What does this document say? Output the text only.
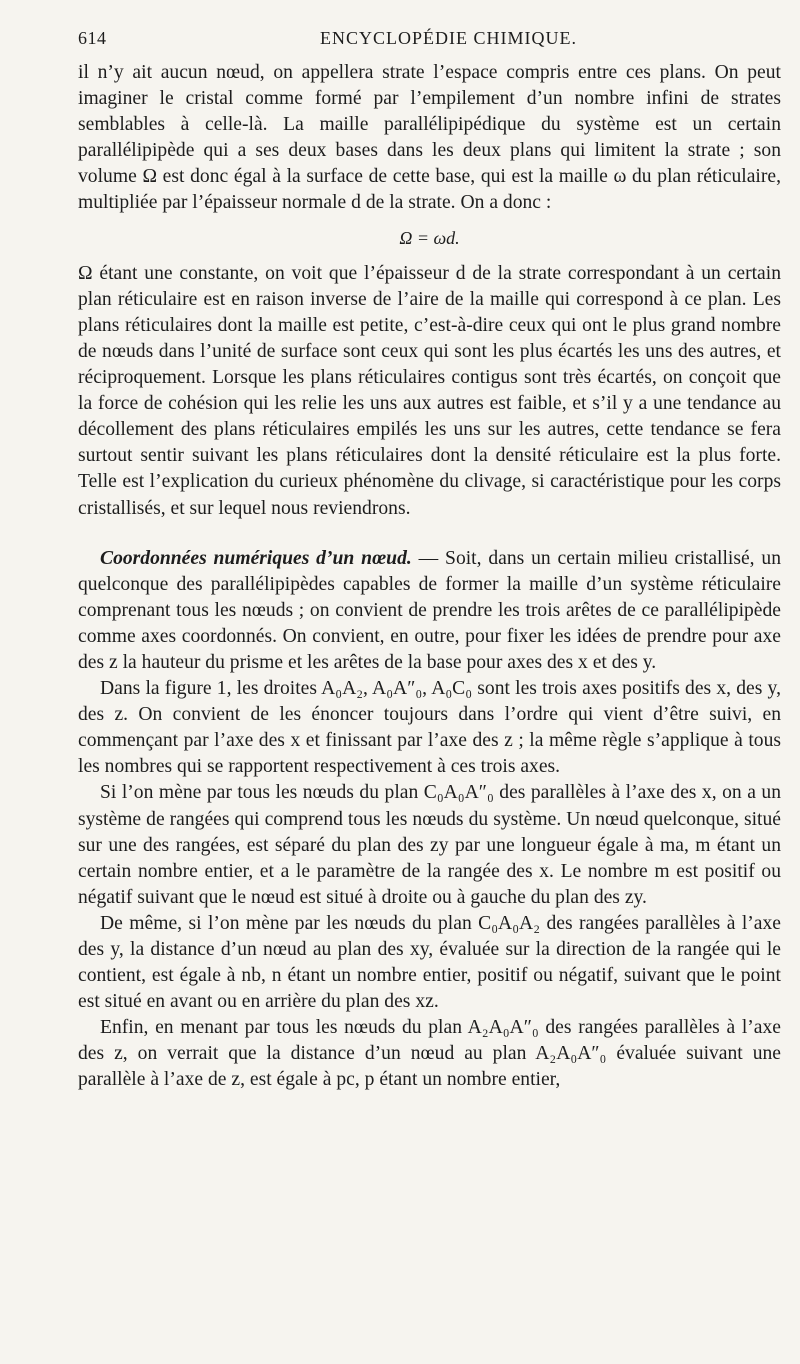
614	ENCYCLOPÉDIE CHIMIQUE.

il n’y ait aucun nœud, on appellera strate l’espace compris entre ces plans. On peut imaginer le cristal comme formé par l’empilement d’un nombre infini de strates semblables à celle-là. La maille parallélipipédique du système est un certain parallélipipède qui a ses deux bases dans les deux plans qui limitent la strate ; son volume Ω est donc égal à la surface de cette base, qui est la maille ω du plan réticulaire, multipliée par l’épaisseur normale d de la strate. On a donc :

Ω = ωd.

Ω étant une constante, on voit que l’épaisseur d de la strate correspondant à un certain plan réticulaire est en raison inverse de l’aire de la maille qui correspond à ce plan. Les plans réticulaires dont la maille est petite, c’est-à-dire ceux qui ont le plus grand nombre de nœuds dans l’unité de surface sont ceux qui sont les plus écartés les uns des autres, et réciproquement. Lorsque les plans réticulaires contigus sont très écartés, on conçoit que la force de cohésion qui les relie les uns aux autres est faible, et s’il y a une tendance au décollement des plans réticulaires empilés les uns sur les autres, cette tendance se fera surtout sentir suivant les plans réticulaires dont la densité réticulaire est la plus forte. Telle est l’explication du curieux phénomène du clivage, si caractéristique pour les corps cristallisés, et sur lequel nous reviendrons.

Coordonnées numériques d’un nœud. — Soit, dans un certain milieu cristallisé, un quelconque des parallélipipèdes capables de former la maille d’un système réticulaire comprenant tous les nœuds ; on convient de prendre les trois arêtes de ce parallélipipède comme axes coordonnés. On convient, en outre, pour fixer les idées de prendre pour axe des z la hauteur du prisme et les arêtes de la base pour axes des x et des y.

Dans la figure 1, les droites A₀A₂, A₀A″₀, A₀C₀ sont les trois axes positifs des x, des y, des z. On convient de les énoncer toujours dans l’ordre qui vient d’être suivi, en commençant par l’axe des x et finissant par l’axe des z ; la même règle s’applique à tous les nombres qui se rapportent respectivement à ces trois axes.

Si l’on mène par tous les nœuds du plan C₀A₀A″₀ des parallèles à l’axe des x, on a un système de rangées qui comprend tous les nœuds du système. Un nœud quelconque, situé sur une des rangées, est séparé du plan des zy par une longueur égale à ma, m étant un certain nombre entier, et a le paramètre de la rangée des x. Le nombre m est positif ou négatif suivant que le nœud est situé à droite ou à gauche du plan des zy.

De même, si l’on mène par les nœuds du plan C₀A₀A₂ des rangées parallèles à l’axe des y, la distance d’un nœud au plan des xy, évaluée sur la direction de la rangée qui le contient, est égale à nb, n étant un nombre entier, positif ou négatif, suivant que le point est situé en avant ou en arrière du plan des xz.

Enfin, en menant par tous les nœuds du plan A₂A₀A″₀ des rangées parallèles à l’axe des z, on verrait que la distance d’un nœud au plan A₂A₀A″₀ évaluée suivant une parallèle à l’axe de z, est égale à pc, p étant un nombre entier,
